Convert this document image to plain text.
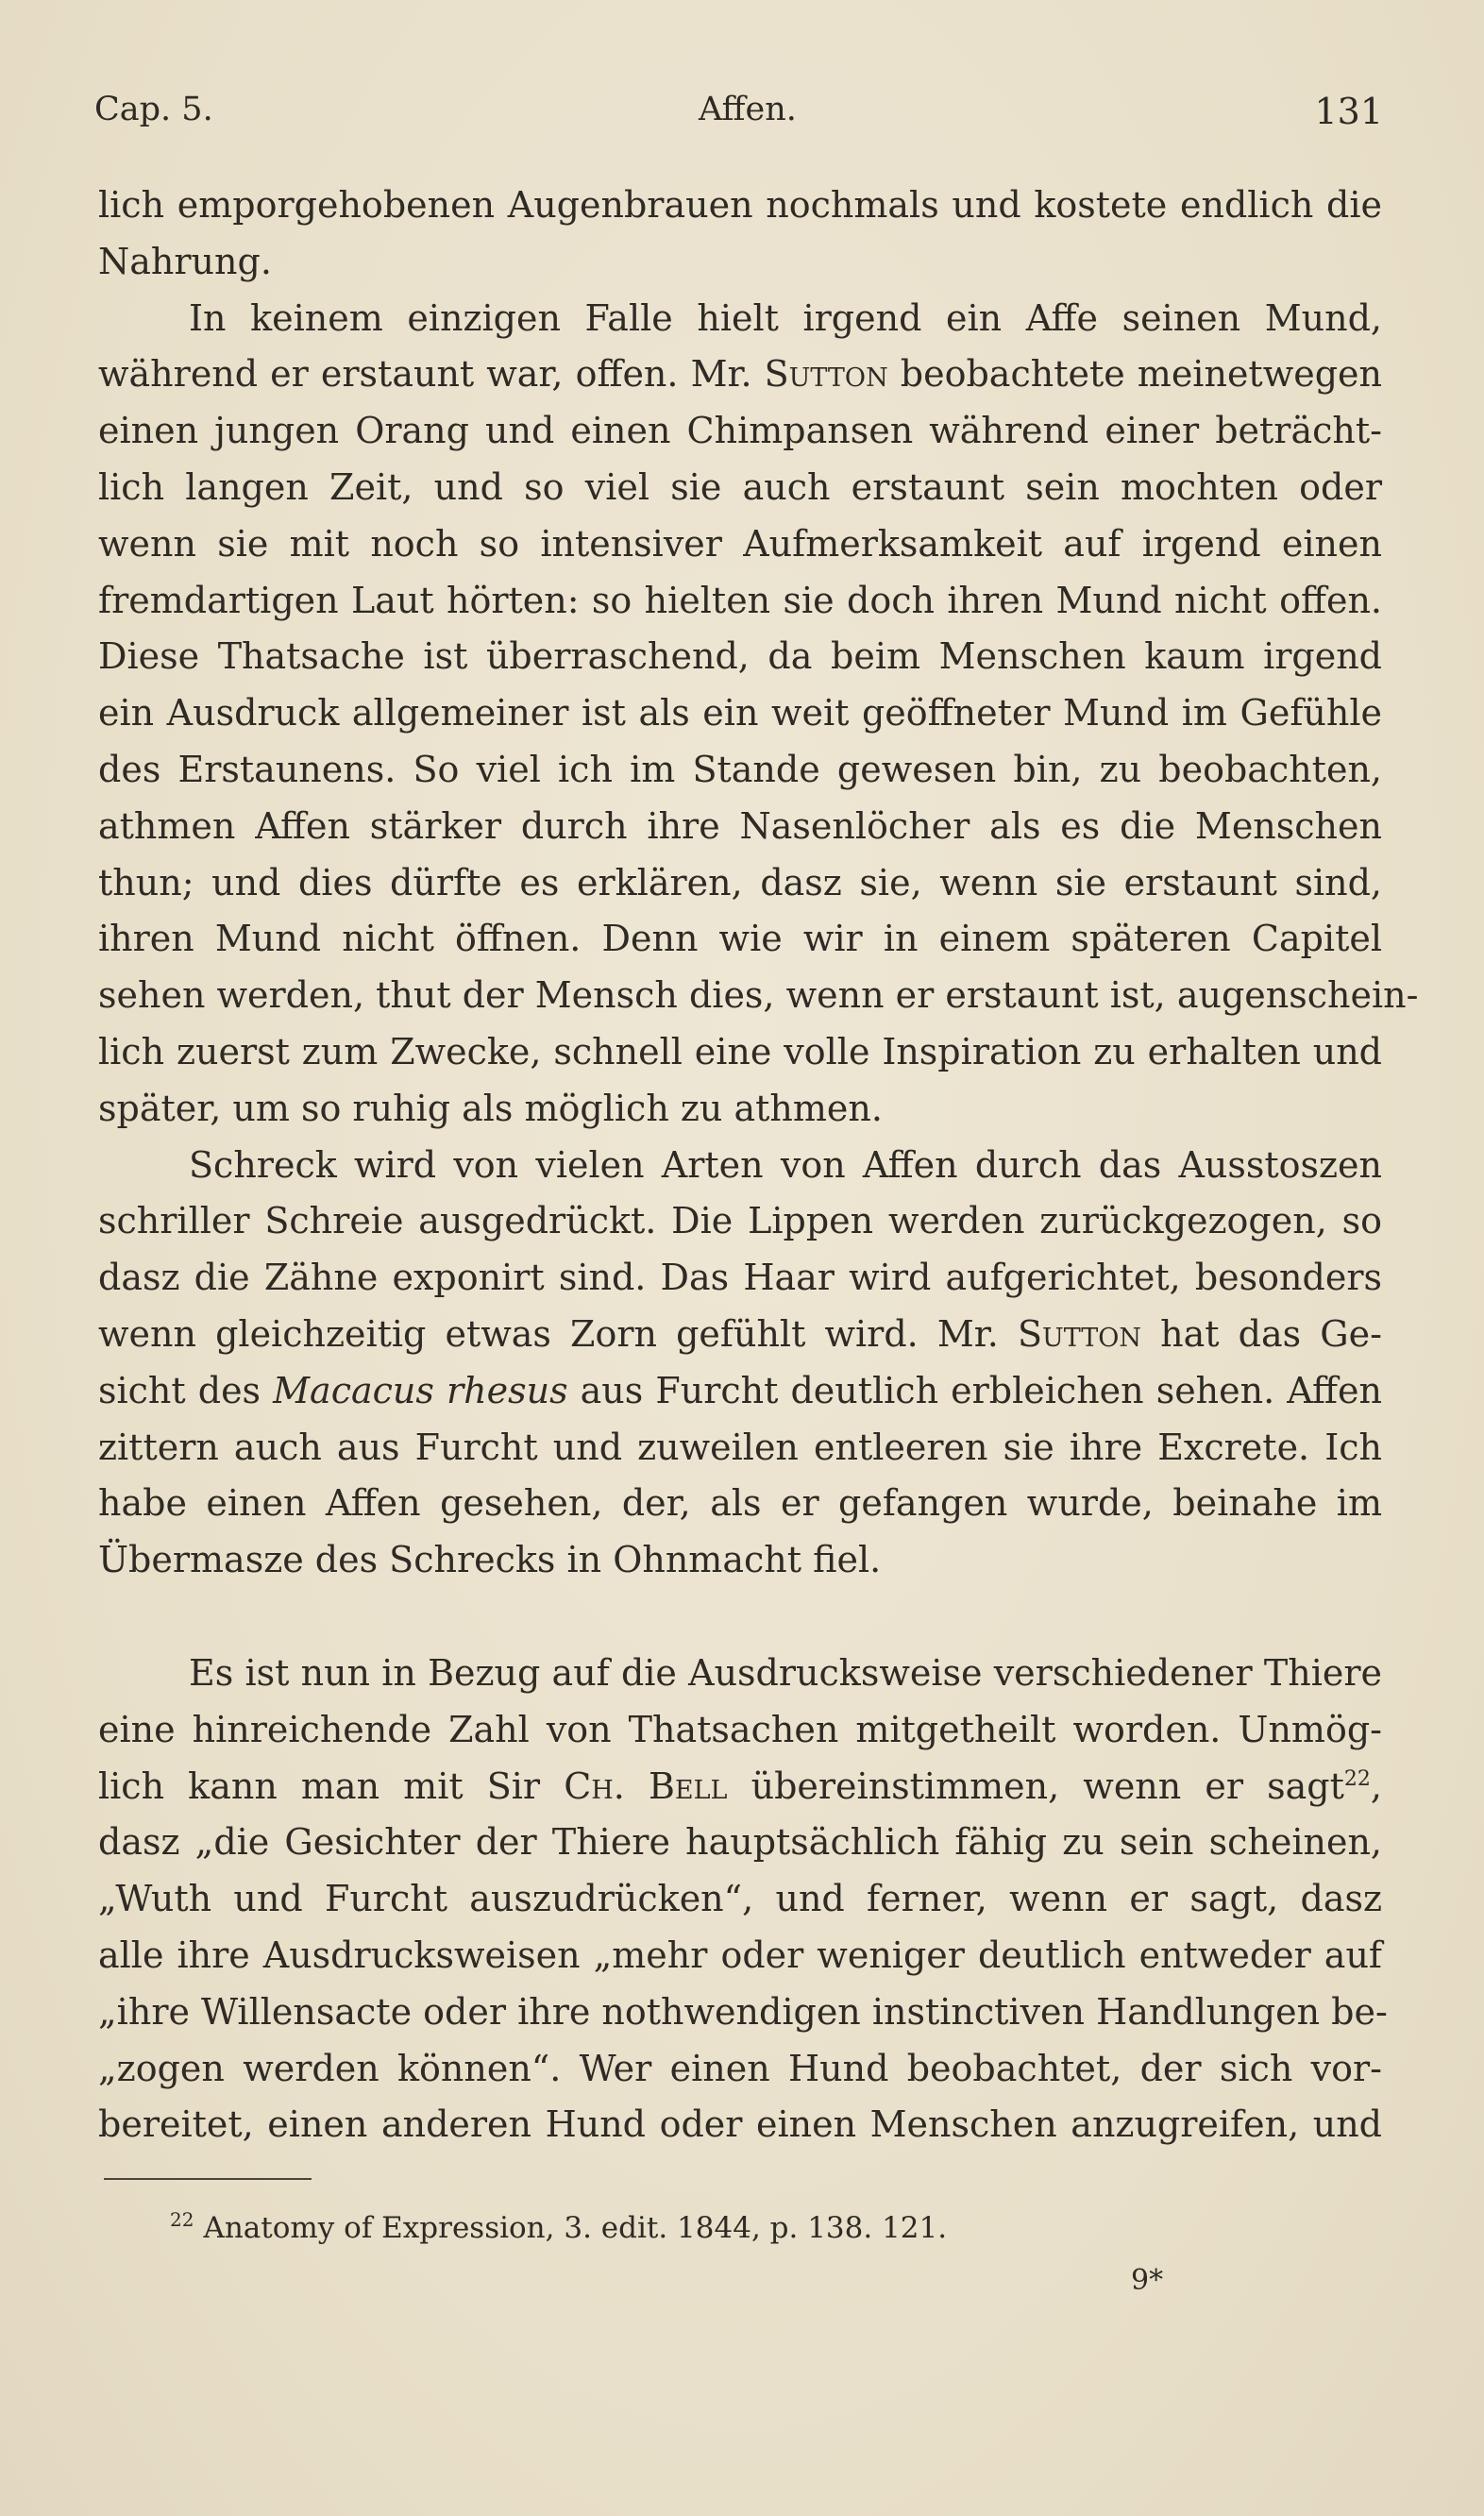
Cap. 5.	Affen.	131
lich emporgehobenen Augenbrauen nochmals und kostete endlich die
Nahrung.
In keinem einzigen Falle hielt irgend ein Affe seinen Mund,
während er erstaunt war, offen. Mr. Sutton beobachtete meinetwegen
einen jungen Orang und einen Chimpansen während einer beträcht-
lich langen Zeit, und so viel sie auch erstaunt sein mochten oder
wenn sie mit noch so intensiver Aufmerksamkeit auf irgend einen
fremdartigen Laut hörten: so hielten sie doch ihren Mund nicht offen.
Diese Thatsache ist überraschend, da beim Menschen kaum irgend
ein Ausdruck allgemeiner ist als ein weit geöffneter Mund im Gefühle
des Erstaunens. So viel ich im Stande gewesen bin, zu beobachten,
athmen Affen stärker durch ihre Nasenlöcher als es die Menschen
thun; und dies dürfte es erklären, dasz sie, wenn sie erstaunt sind,
ihren Mund nicht öffnen. Denn wie wir in einem späteren Capitel
sehen werden, thut der Mensch dies, wenn er erstaunt ist, augenschein-
lich zuerst zum Zwecke, schnell eine volle Inspiration zu erhalten und
später, um so ruhig als möglich zu athmen.
Schreck wird von vielen Arten von Affen durch das Ausstoszen
schriller Schreie ausgedrückt. Die Lippen werden zurückgezogen, so
dasz die Zähne exponirt sind. Das Haar wird aufgerichtet, besonders
wenn gleichzeitig etwas Zorn gefühlt wird. Mr. Sutton hat das Ge-
sicht des Macacus rhesus aus Furcht deutlich erbleichen sehen. Affen
zittern auch aus Furcht und zuweilen entleeren sie ihre Excrete. Ich
habe einen Affen gesehen, der, als er gefangen wurde, beinahe im
Übermasze des Schrecks in Ohnmacht fiel.
Es ist nun in Bezug auf die Ausdrucksweise verschiedener Thiere
eine hinreichende Zahl von Thatsachen mitgetheilt worden. Unmög-
lich kann man mit Sir Ch. Bell übereinstimmen, wenn er sagt$^{22}$,
dasz „die Gesichter der Thiere hauptsächlich fähig zu sein scheinen,
„Wuth und Furcht auszudrücken“, und ferner, wenn er sagt, dasz
alle ihre Ausdrucksweisen „mehr oder weniger deutlich entweder auf
„ihre Willensacte oder ihre nothwendigen instinctiven Handlungen be-
„zogen werden können“. Wer einen Hund beobachtet, der sich vor-
bereitet, einen anderen Hund oder einen Menschen anzugreifen, und
$^{22}$ Anatomy of Expression, 3. edit. 1844, p. 138. 121.
9*
